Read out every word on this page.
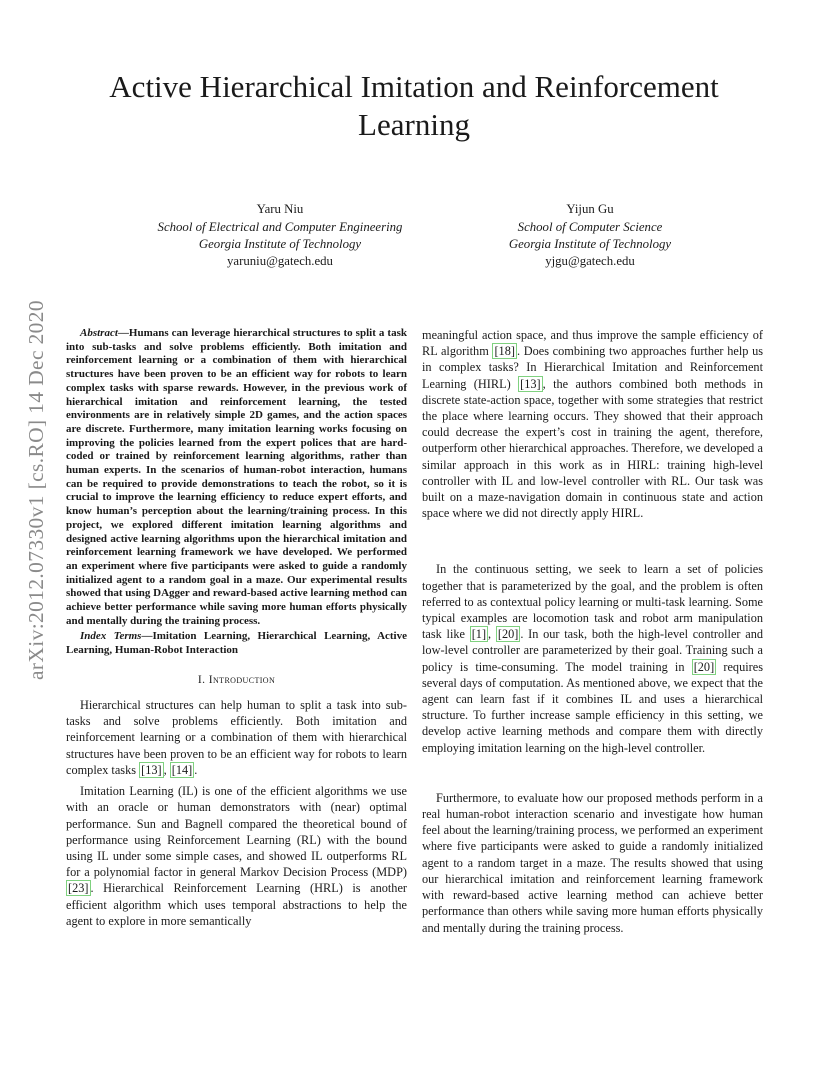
arXiv:2012.07330v1 [cs.RO] 14 Dec 2020
Active Hierarchical Imitation and Reinforcement
Learning
Yaru Niu
School of Electrical and Computer Engineering
Georgia Institute of Technology
yaruniu@gatech.edu
Yijun Gu
School of Computer Science
Georgia Institute of Technology
yjgu@gatech.edu

Abstract—Humans can leverage hierarchical structures to split a task into sub-tasks and solve problems efficiently. Both imitation and reinforcement learning or a combination of them with hierarchical structures have been proven to be an efficient way for robots to learn complex tasks with sparse rewards. However, in the previous work of hierarchical imitation and reinforcement learning, the tested environments are in relatively simple 2D games, and the action spaces are discrete. Furthermore, many imitation learning works focusing on improving the policies learned from the expert polices that are hard-coded or trained by reinforcement learning algorithms, rather than human experts. In the scenarios of human-robot interaction, humans can be required to provide demonstrations to teach the robot, so it is crucial to improve the learning efficiency to reduce expert efforts, and know human’s perception about the learning/training process. In this project, we explored different imitation learning algorithms and designed active learning algorithms upon the hierarchical imitation and reinforcement learning framework we have developed. We performed an experiment where five participants were asked to guide a randomly initialized agent to a random goal in a maze. Our experimental results showed that using DAgger and reward-based active learning method can achieve better performance while saving more human efforts physically and mentally during the training process.

Index Terms—Imitation Learning, Hierarchical Learning, Active Learning, Human-Robot Interaction

I. Introduction

Hierarchical structures can help human to split a task into sub-tasks and solve problems efficiently. Both imitation and reinforcement learning or a combination of them with hierarchical structures have been proven to be an efficient way for robots to learn complex tasks [13] , [14] .

Imitation Learning (IL) is one of the efficient algorithms we use with an oracle or human demonstrators with (near) optimal performance. Sun and Bagnell compared the theoretical bound of performance using Reinforcement Learning (RL) with the bound using IL under some simple cases, and showed IL outperforms RL for a polynomial factor in general Markov Decision Process (MDP) [23] . Hierarchical Reinforcement Learning (HRL) is another efficient algorithm which uses temporal abstractions to help the agent to explore in more semantically

meaningful action space, and thus improve the sample efficiency of RL algorithm [18] . Does combining two approaches further help us in complex tasks? In Hierarchical Imitation and Reinforcement Learning (HIRL) [13] , the authors combined both methods in discrete state-action space, together with some strategies that restrict the place where learning occurs. They showed that their approach could decrease the expert’s cost in training the agent, therefore, outperform other hierarchical approaches. Therefore, we developed a similar approach in this work as in HIRL: training high-level controller with IL and low-level controller with RL. Our task was built on a maze-navigation domain in continuous state and action space where we did not directly apply HIRL.

In the continuous setting, we seek to learn a set of policies together that is parameterized by the goal, and the problem is often referred to as contextual policy learning or multi-task learning. Some typical examples are locomotion task and robot arm manipulation task like [1] , [20] . In our task, both the high-level controller and low-level controller are parameterized by their goal. Training such a policy is time-consuming. The model training in [20] requires several days of computation. As mentioned above, we expect that the agent can learn fast if it combines IL and uses a hierarchical structure. To further increase sample efficiency in this setting, we develop active learning methods and compare them with directly employing imitation learning on the high-level controller.

Furthermore, to evaluate how our proposed methods perform in a real human-robot interaction scenario and investigate how human feel about the learning/training process, we performed an experiment where five participants were asked to guide a randomly initialized agent to a random target in a maze. The results showed that using our hierarchical imitation and reinforcement learning framework with reward-based active learning method can achieve better performance than others while saving more human efforts physically and mentally during the training process.
